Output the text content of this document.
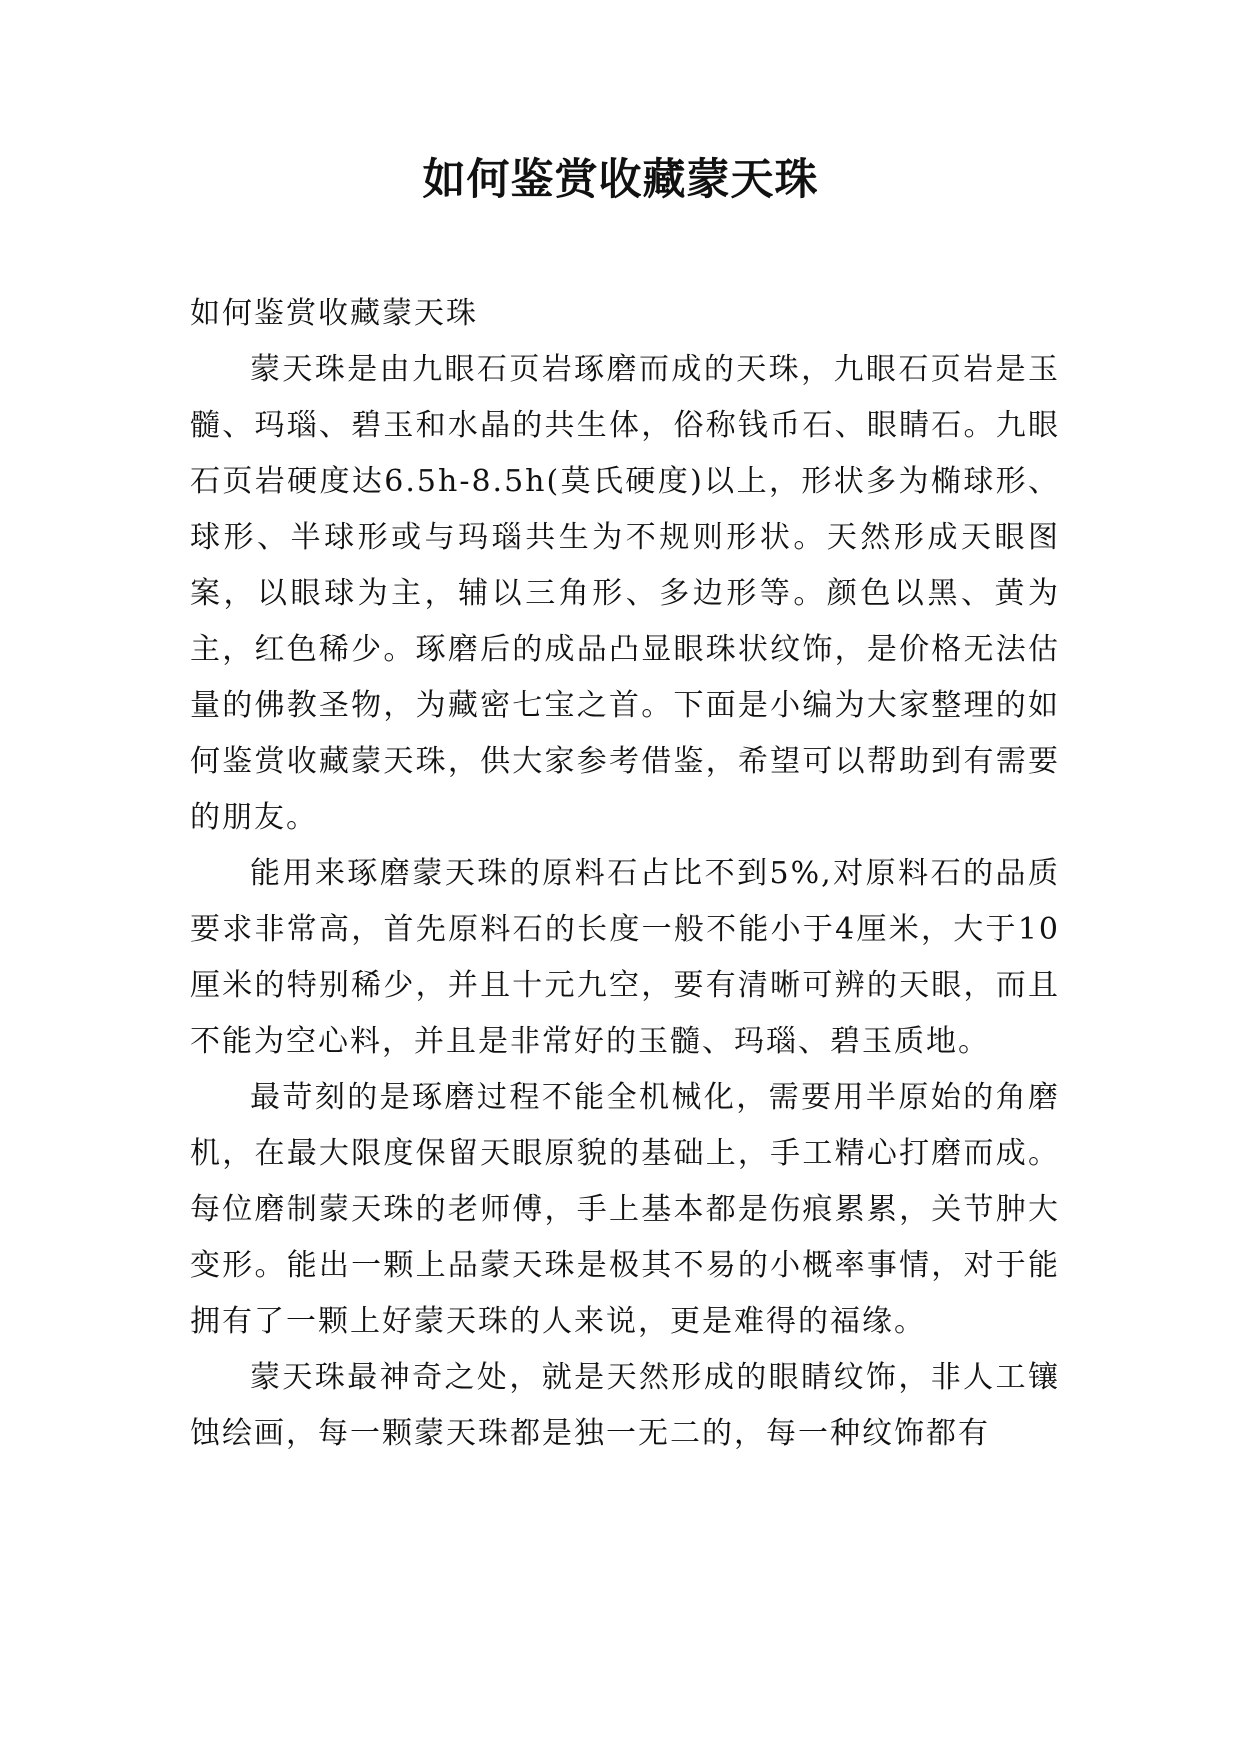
如何鉴赏收藏蒙天珠

如何鉴赏收藏蒙天珠

蒙天珠是由九眼石页岩琢磨而成的天珠，九眼石页岩是玉髓、玛瑙、碧玉和水晶的共生体，俗称钱币石、眼睛石。九眼石页岩硬度达6.5h-8.5h(莫氏硬度)以上，形状多为椭球形、球形、半球形或与玛瑙共生为不规则形状。天然形成天眼图案，以眼球为主，辅以三角形、多边形等。颜色以黑、黄为主，红色稀少。琢磨后的成品凸显眼珠状纹饰，是价格无法估量的佛教圣物，为藏密七宝之首。下面是小编为大家整理的如何鉴赏收藏蒙天珠，供大家参考借鉴，希望可以帮助到有需要的朋友。

能用来琢磨蒙天珠的原料石占比不到5%,对原料石的品质要求非常高，首先原料石的长度一般不能小于4厘米，大于10厘米的特别稀少，并且十元九空，要有清晰可辨的天眼，而且不能为空心料，并且是非常好的玉髓、玛瑙、碧玉质地。

最苛刻的是琢磨过程不能全机械化，需要用半原始的角磨机，在最大限度保留天眼原貌的基础上，手工精心打磨而成。每位磨制蒙天珠的老师傅，手上基本都是伤痕累累，关节肿大变形。能出一颗上品蒙天珠是极其不易的小概率事情，对于能拥有了一颗上好蒙天珠的人来说，更是难得的福缘。

蒙天珠最神奇之处，就是天然形成的眼睛纹饰，非人工镶蚀绘画，每一颗蒙天珠都是独一无二的，每一种纹饰都有
